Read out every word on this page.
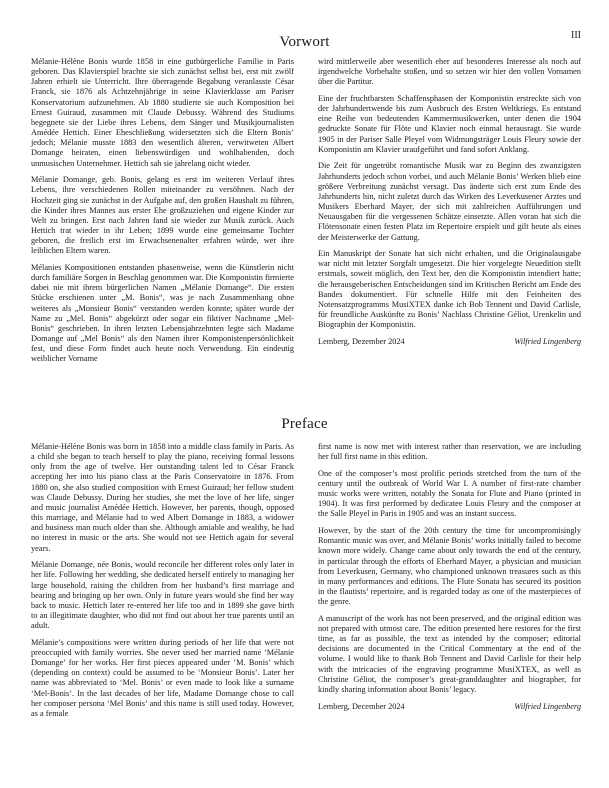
III
Vorwort

Mélanie-Hélène Bonis wurde 1858 in eine gutbürgerliche Familie in Paris geboren. Das Klavierspiel brachte sie sich zunächst selbst bei, erst mit zwölf Jahren erhielt sie Unterricht. Ihre überragende Begabung veranlasste César Franck, sie 1876 als Achtzehnjährige in seine Klavierklasse am Pariser Konservatorium aufzunehmen. Ab 1880 studierte sie auch Komposition bei Ernest Guiraud, zusammen mit Claude Debussy. Während des Studiums begegnete sie der Liebe ihres Lebens, dem Sänger und Musikjournalisten Amédée Hettich. Einer Eheschließung widersetzten sich die Eltern Bonis’ jedoch; Mélanie musste 1883 den wesentlich älteren, verwitweten Albert Domange heiraten, einen liebenswürdigen und wohlhabenden, doch unmusischen Unternehmer. Hettich sah sie jahrelang nicht wieder.

Mélanie Domange, geb. Bonis, gelang es erst im weiteren Verlauf ihres Lebens, ihre verschiedenen Rollen miteinander zu versöhnen. Nach der Hochzeit ging sie zunächst in der Aufgabe auf, den großen Haushalt zu führen, die Kinder ihres Mannes aus erster Ehe großzuziehen und eigene Kinder zur Welt zu bringen. Erst nach Jahren fand sie wieder zur Musik zurück. Auch Hettich trat wieder in ihr Leben; 1899 wurde eine gemeinsame Tochter geboren, die freilich erst im Erwachsenenalter erfahren würde, wer ihre leiblichen Eltern waren.

Mélanies Kompositionen entstanden phasenweise, wenn die Künstlerin nicht durch familiäre Sorgen in Beschlag genommen war. Die Komponistin firmierte dabei nie mit ihrem bürgerlichen Namen „Mélanie Domange“. Die ersten Stücke erschienen unter „M. Bonis“, was je nach Zusammenhang ohne weiteres als „Monsieur Bonis“ verstanden werden konnte; später wurde der Name zu „Mel. Bonis“ abgekürzt oder sogar ein fiktiver Nachname „Mel-Bonis“ geschrieben. In ihren letzten Lebensjahrzehnten legte sich Madame Domange auf „Mel Bonis“ als den Namen ihrer Komponistenpersönlichkeit fest, und diese Form findet auch heute noch Verwendung. Ein eindeutig weiblicher Vorname

wird mittlerweile aber wesentlich eher auf besonderes Interesse als noch auf irgendwelche Vorbehalte stoßen, und so setzen wir hier den vollen Vornamen über die Partitur.

Eine der fruchtbarsten Schaffensphasen der Komponistin erstreckte sich von der Jahrhundertwende bis zum Ausbruch des Ersten Weltkriegs. Es entstand eine Reihe von bedeutenden Kammermusikwerken, unter denen die 1904 gedruckte Sonate für Flöte und Klavier noch einmal herausragt. Sie wurde 1905 in der Pariser Salle Pleyel vom Widmungsträger Louis Fleury sowie der Komponistin am Klavier uraufgeführt und fand sofort Anklang.

Die Zeit für ungetrübt romantische Musik war zu Beginn des zwanzigsten Jahrhunderts jedoch schon vorbei, und auch Mélanie Bonis’ Werken blieb eine größere Verbreitung zunächst versagt. Das änderte sich erst zum Ende des Jahrhunderts hin, nicht zuletzt durch das Wirken des Leverkusener Arztes und Musikers Eberhard Mayer, der sich mit zahlreichen Aufführungen und Neuausgaben für die vergessenen Schätze einsetzte. Allen voran hat sich die Flötensonate einen festen Platz im Repertoire erspielt und gilt heute als eines der Meisterwerke der Gattung.

Ein Manuskript der Sonate hat sich nicht erhalten, und die Originalausgabe war nicht mit letzter Sorgfalt umgesetzt. Die hier vorgelegte Neuedition stellt erstmals, soweit möglich, den Text her, den die Komponistin intendiert hatte; die herausgeberischen Entscheidungen sind im Kritischen Bericht am Ende des Bandes dokumentiert. Für schnelle Hilfe mit den Feinheiten des Notensatzprogramms MusiXTEX danke ich Bob Tennent und David Carlisle, für freundliche Auskünfte zu Bonis’ Nachlass Christine Géliot, Urenkelin und Biographin der Komponistin.

Lemberg, Dezember 2024	Wilfried Lingenberg
Preface

Mélanie-Hélène Bonis was born in 1858 into a middle class family in Paris. As a child she began to teach herself to play the piano, receiving formal lessons only from the age of twelve. Her outstanding talent led to César Franck accepting her into his piano class at the Paris Conservatoire in 1876. From 1880 on, she also studied composition with Ernest Guiraud; her fellow student was Claude Debussy. During her studies, she met the love of her life, singer and music journalist Amédée Hettich. However, her parents, though, opposed this marriage, and Mélanie had to wed Albert Domange in 1883, a widower and business man much older than she. Although amiable and wealthy, he had no interest in music or the arts. She would not see Hettich again for several years.

Mélanie Domange, née Bonis, would reconcile her different roles only later in her life. Following her wedding, she dedicated herself entirely to managing her large household, raising the children from her husband’s first marriage and bearing and bringing up her own. Only in future years would she find her way back to music. Hettich later re-entered her life too and in 1899 she gave birth to an illegitimate daughter, who did not find out about her true parents until an adult.

Mélanie’s compositions were written during periods of her life that were not preoccupied with family worries. She never used her married name ‘Mélanie Domange’ for her works. Her first pieces appeared under ‘M. Bonis’ which (depending on context) could be assumed to be ‘Monsieur Bonis’. Later her name was abbreviated to ‘Mel. Bonis’ or even made to look like a surname ‘Mel-Bonis’. In the last decades of her life, Madame Domange chose to call her composer persona ‘Mel Bonis’ and this name is still used today. However, as a female

first name is now met with interest rather than reservation, we are including her full first name in this edition.

One of the composer’s most prolific periods stretched from the turn of the century until the outbreak of World War I. A number of first-rate chamber music works were written, notably the Sonata for Flute and Piano (printed in 1904). It was first performed by dedicatee Louis Fleury and the composer at the Salle Pleyel in Paris in 1905 and was an instant success.

However, by the start of the 20th century the time for uncompromisingly Romantic music was over, and Mélanie Bonis’ works initially failed to become known more widely. Change came about only towards the end of the century, in particular through the efforts of Eberhard Mayer, a physician and musician from Leverkusen, Germany, who championed unknown treasures such as this in many performances and editions. The Flute Sonata has secured its position in the flautists’ repertoire, and is regarded today as one of the masterpieces of the genre.

A manuscript of the work has not been preserved, and the original edition was not prepared with utmost care. The edition presented here restores for the first time, as far as possible, the text as intended by the composer; editorial decisions are documented in the Critical Commentary at the end of the volume. I would like to thank Bob Tennent and David Carlisle for their help with the intricacies of the engraving programme MusiXTEX, as well as Christine Géliot, the composer’s great-granddaughter and biographer, for kindly sharing information about Bonis’ legacy.

Lemberg, December 2024	Wilfried Lingenberg
